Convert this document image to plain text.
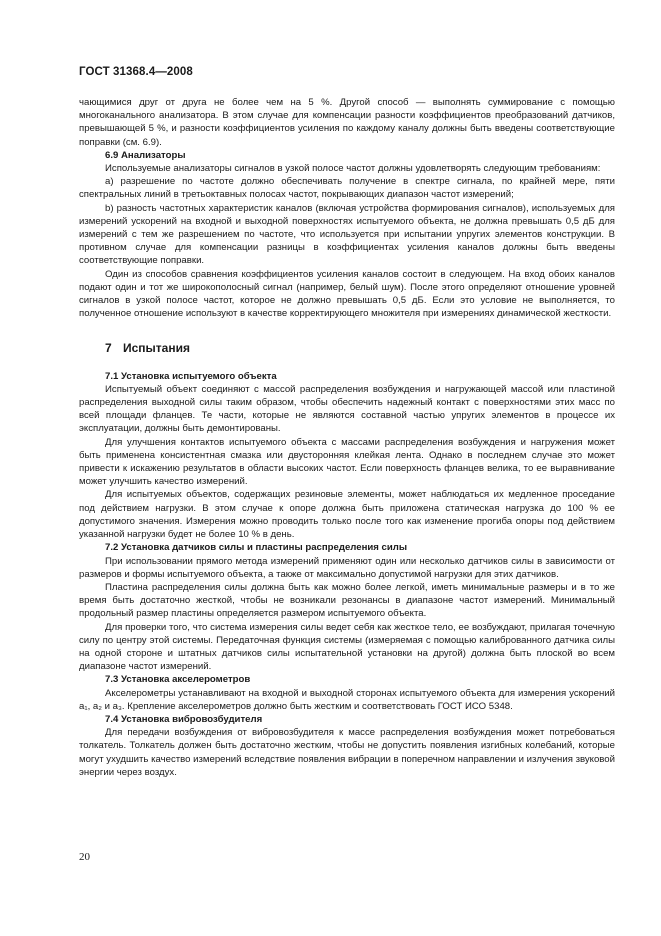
ГОСТ 31368.4—2008

чающимися друг от друга не более чем на 5 %. Другой способ — выполнять суммирование с помощью многоканального анализатора. В этом случае для компенсации разности коэффициентов преобразований датчиков, превышающей 5 %, и разности коэффициентов усиления по каждому каналу должны быть введены соответствующие поправки (см. 6.9).

6.9 Анализаторы

Используемые анализаторы сигналов в узкой полосе частот должны удовлетворять следующим требованиям:

а) разрешение по частоте должно обеспечивать получение в спектре сигнала, по крайней мере, пяти спектральных линий в третьоктавных полосах частот, покрывающих диапазон частот измерений;

b) разность частотных характеристик каналов (включая устройства формирования сигналов), используемых для измерений ускорений на входной и выходной поверхностях испытуемого объекта, не должна превышать 0,5 дБ для измерений с тем же разрешением по частоте, что используется при испытании упругих элементов конструкции. В противном случае для компенсации разницы в коэффициентах усиления каналов должны быть введены соответствующие поправки.

Один из способов сравнения коэффициентов усиления каналов состоит в следующем. На вход обоих каналов подают один и тот же широкополосный сигнал (например, белый шум). После этого определяют отношение уровней сигналов в узкой полосе частот, которое не должно превышать 0,5 дБ. Если это условие не выполняется, то полученное отношение используют в качестве корректирующего множителя при измерениях динамической жесткости.

7 Испытания

7.1 Установка испытуемого объекта

Испытуемый объект соединяют с массой распределения возбуждения и нагружающей массой или пластиной распределения выходной силы таким образом, чтобы обеспечить надежный контакт с поверхностями этих масс по всей площади фланцев. Те части, которые не являются составной частью упругих элементов в процессе их эксплуатации, должны быть демонтированы.

Для улучшения контактов испытуемого объекта с массами распределения возбуждения и нагружения может быть применена консистентная смазка или двусторонняя клейкая лента. Однако в последнем случае это может привести к искажению результатов в области высоких частот. Если поверхность фланцев велика, то ее выравнивание может улучшить качество измерений.

Для испытуемых объектов, содержащих резиновые элементы, может наблюдаться их медленное проседание под действием нагрузки. В этом случае к опоре должна быть приложена статическая нагрузка до 100 % ее допустимого значения. Измерения можно проводить только после того как изменение прогиба опоры под действием указанной нагрузки будет не более 10 % в день.

7.2 Установка датчиков силы и пластины распределения силы

При использовании прямого метода измерений применяют один или несколько датчиков силы в зависимости от размеров и формы испытуемого объекта, а также от максимально допустимой нагрузки для этих датчиков.

Пластина распределения силы должна быть как можно более легкой, иметь минимальные размеры и в то же время быть достаточно жесткой, чтобы не возникали резонансы в диапазоне частот измерений. Минимальный продольный размер пластины определяется размером испытуемого объекта.

Для проверки того, что система измерения силы ведет себя как жесткое тело, ее возбуждают, прилагая точечную силу по центру этой системы. Передаточная функция системы (измеряемая с помощью калиброванного датчика силы на одной стороне и штатных датчиков силы испытательной установки на другой) должна быть плоской во всем диапазоне частот измерений.

7.3 Установка акселерометров

Акселерометры устанавливают на входной и выходной сторонах испытуемого объекта для измерения ускорений a₁, a₂ и a₃. Крепление акселерометров должно быть жестким и соответствовать ГОСТ ИСО 5348.

7.4 Установка вибровозбудителя

Для передачи возбуждения от вибровозбудителя к массе распределения возбуждения может потребоваться толкатель. Толкатель должен быть достаточно жестким, чтобы не допустить появления изгибных колебаний, которые могут ухудшить качество измерений вследствие появления вибрации в поперечном направлении и излучения звуковой энергии через воздух.

20
